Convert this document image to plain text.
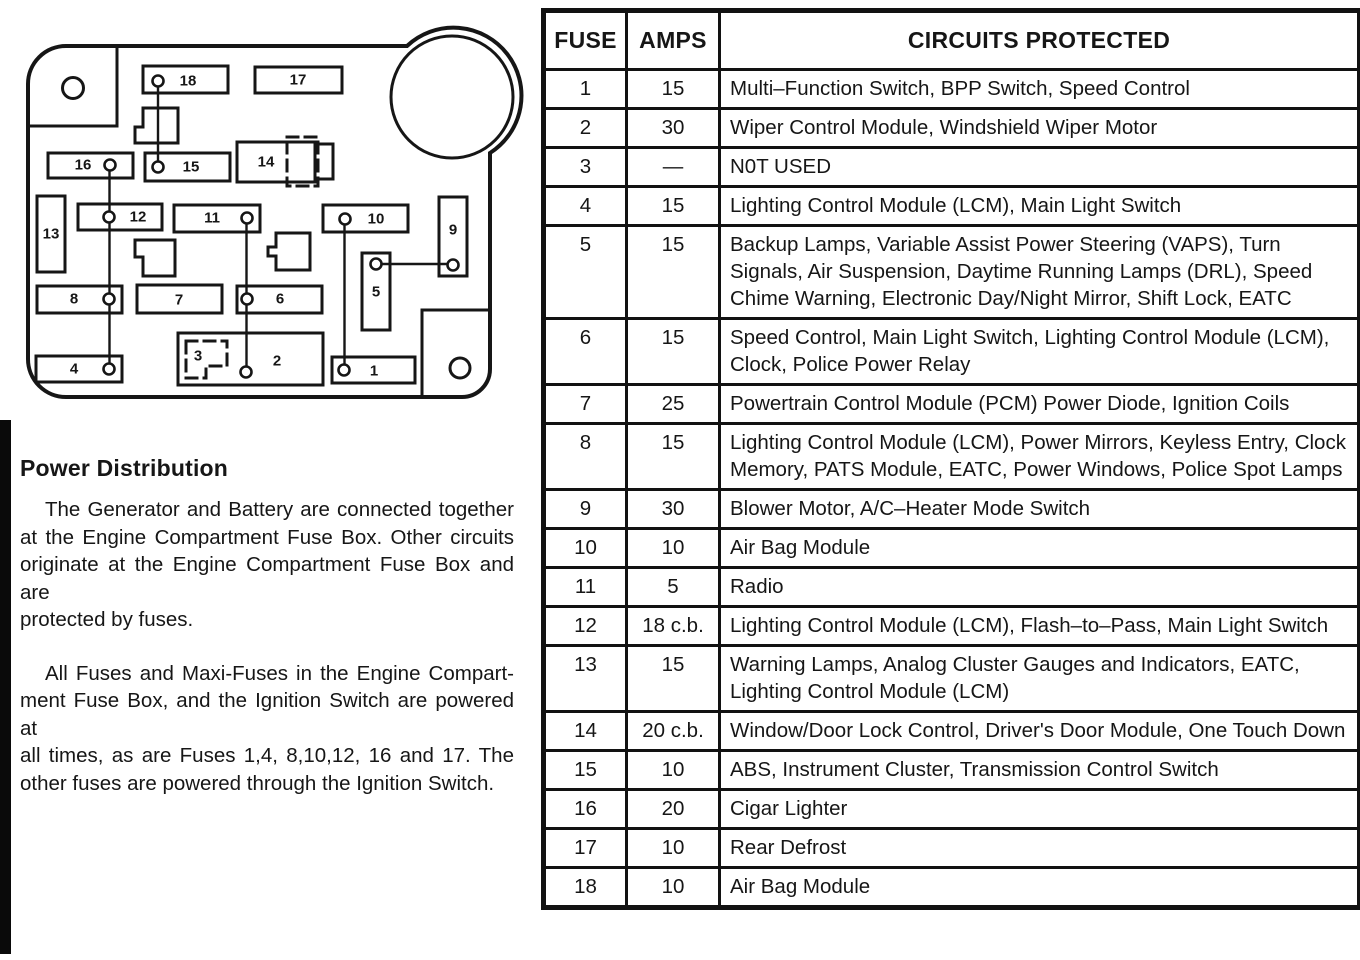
1
2
3
4
5
6
7
8
9
10
11
12
13
14
15
16
17
18
Power Distribution
The Generator and Battery are connected together
at the Engine Compartment Fuse Box. Other circuits
originate at the Engine Compartment Fuse Box and are
protected by fuses.
All Fuses and Maxi-Fuses in the Engine Compart-
ment Fuse Box, and the Ignition Switch are powered at
all times, as are Fuses 1,4, 8,10,12, 16 and 17. The
other fuses are powered through the Ignition Switch.
FUSE	AMPS	CIRCUITS PROTECTED
1	15	Multi–Function Switch, BPP Switch, Speed Control
2	30	Wiper Control Module, Windshield Wiper Motor
3	—	N0T USED
4	15	Lighting Control Module (LCM), Main Light Switch
5	15	Backup Lamps, Variable Assist Power Steering (VAPS), Turn Signals, Air Suspension, Daytime Running Lamps (DRL), Speed Chime Warning, Electronic Day/Night Mirror, Shift Lock, EATC
6	15	Speed Control, Main Light Switch, Lighting Control Module (LCM), Clock, Police Power Relay
7	25	Powertrain Control Module (PCM) Power Diode, Ignition Coils
8	15	Lighting Control Module (LCM), Power Mirrors, Keyless Entry, Clock Memory, PATS Module, EATC, Power Windows, Police Spot Lamps
9	30	Blower Motor, A/C–Heater Mode Switch
10	10	Air Bag Module
11	5	Radio
12	18 c.b.	Lighting Control Module (LCM), Flash–to–Pass, Main Light Switch
13	15	Warning Lamps, Analog Cluster Gauges and Indicators, EATC, Lighting Control Module (LCM)
14	20 c.b.	Window/Door Lock Control, Driver's Door Module, One Touch Down
15	10	ABS, Instrument Cluster, Transmission Control Switch
16	20	Cigar Lighter
17	10	Rear Defrost
18	10	Air Bag Module
